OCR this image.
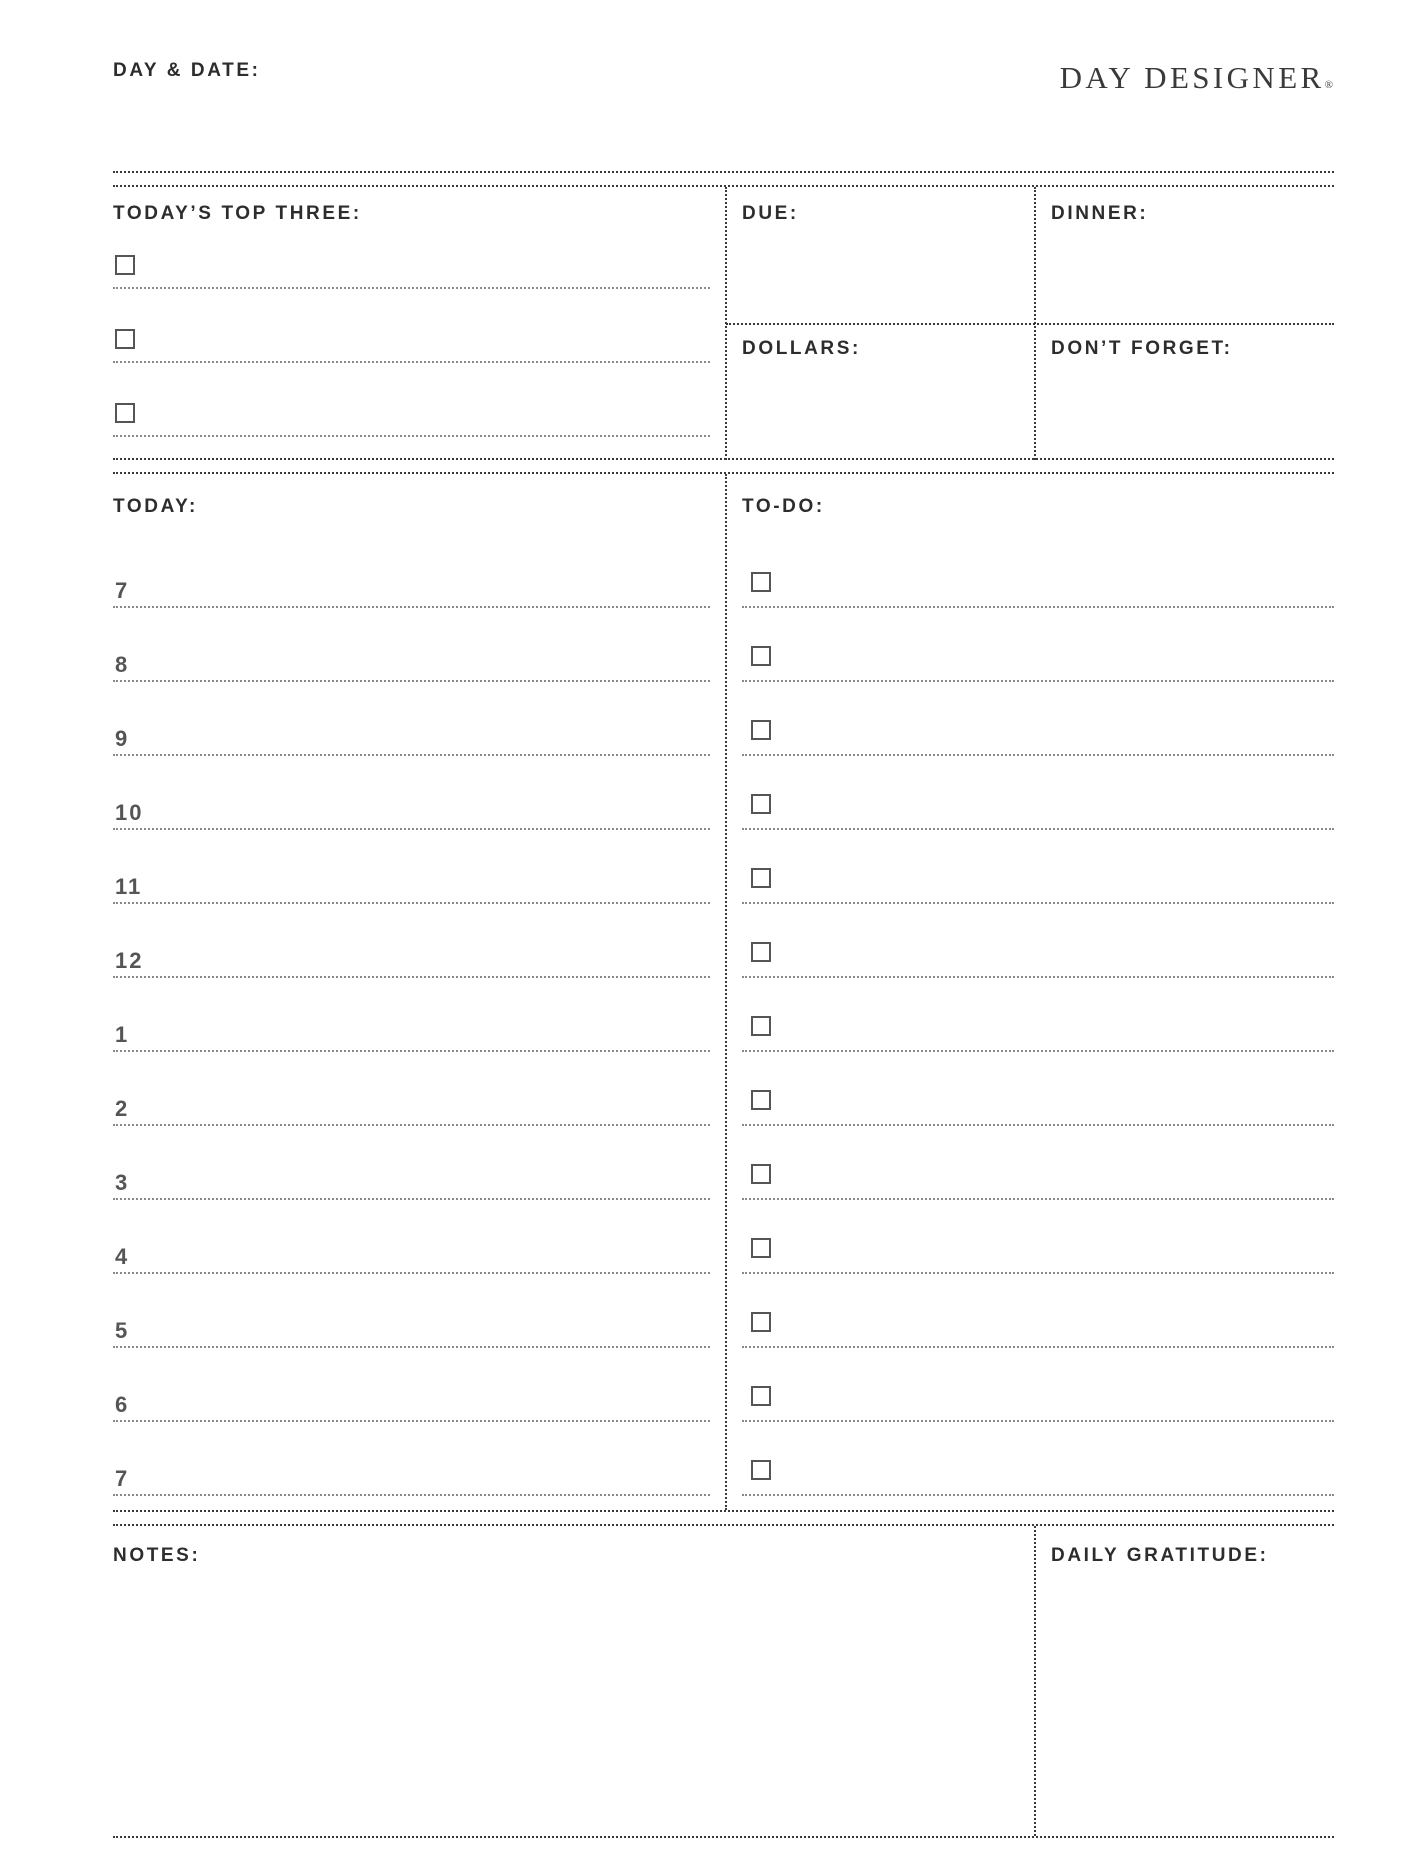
DAY & DATE:	DAY DESIGNER®
TODAY’S TOP THREE:	DUE:	DINNER:
DOLLARS:	DON’T FORGET:
TODAY:	TO-DO:
7
8
9
10
11
12
1
2
3
4
5
6
7
NOTES:	DAILY GRATITUDE:
